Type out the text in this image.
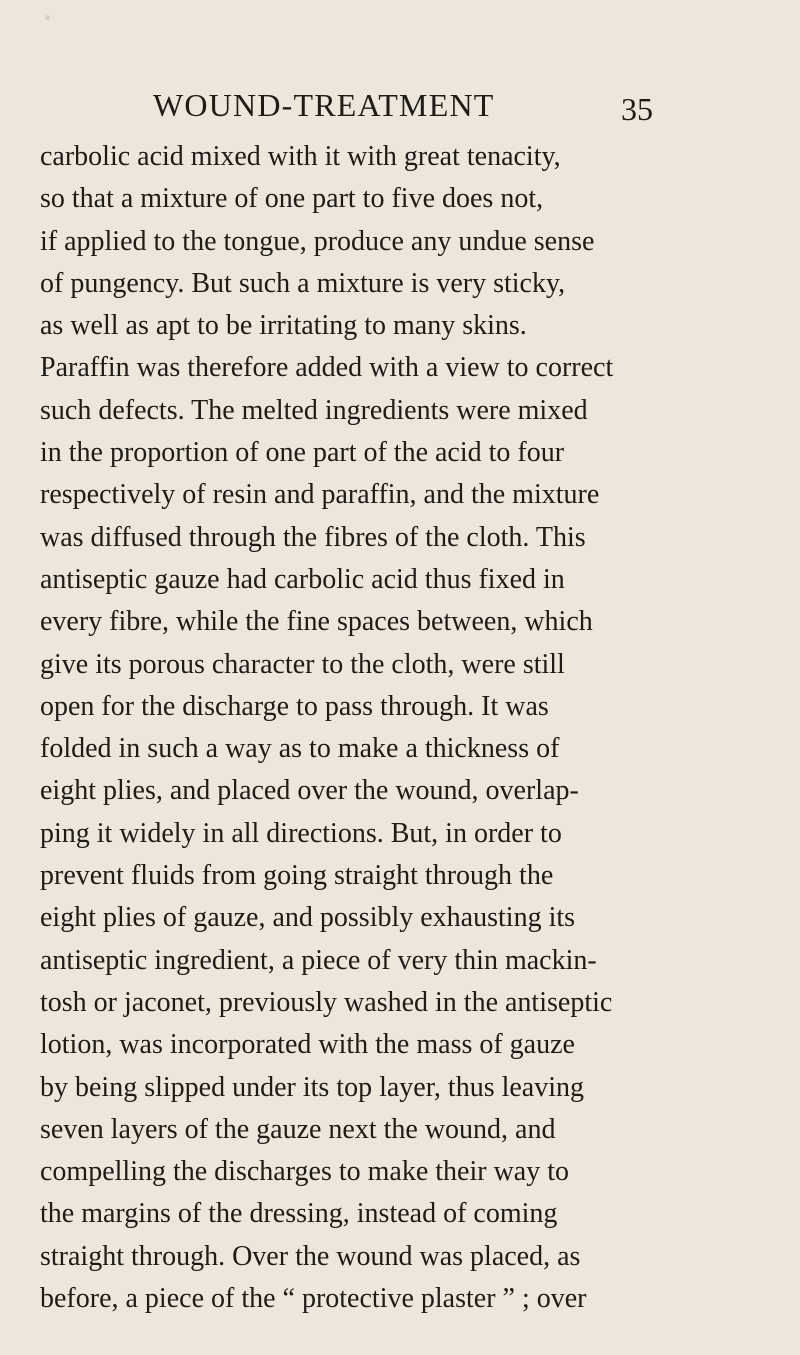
WOUND-TREATMENT	35
carbolic acid mixed with it with great tenacity,
so that a mixture of one part to five does not,
if applied to the tongue, produce any undue sense
of pungency. But such a mixture is very sticky,
as well as apt to be irritating to many skins.
Paraffin was therefore added with a view to correct
such defects. The melted ingredients were mixed
in the proportion of one part of the acid to four
respectively of resin and paraffin, and the mixture
was diffused through the fibres of the cloth. This
antiseptic gauze had carbolic acid thus fixed in
every fibre, while the fine spaces between, which
give its porous character to the cloth, were still
open for the discharge to pass through. It was
folded in such a way as to make a thickness of
eight plies, and placed over the wound, overlap-
ping it widely in all directions. But, in order to
prevent fluids from going straight through the
eight plies of gauze, and possibly exhausting its
antiseptic ingredient, a piece of very thin mackin-
tosh or jaconet, previously washed in the antiseptic
lotion, was incorporated with the mass of gauze
by being slipped under its top layer, thus leaving
seven layers of the gauze next the wound, and
compelling the discharges to make their way to
the margins of the dressing, instead of coming
straight through. Over the wound was placed, as
before, a piece of the “ protective plaster ” ; over
